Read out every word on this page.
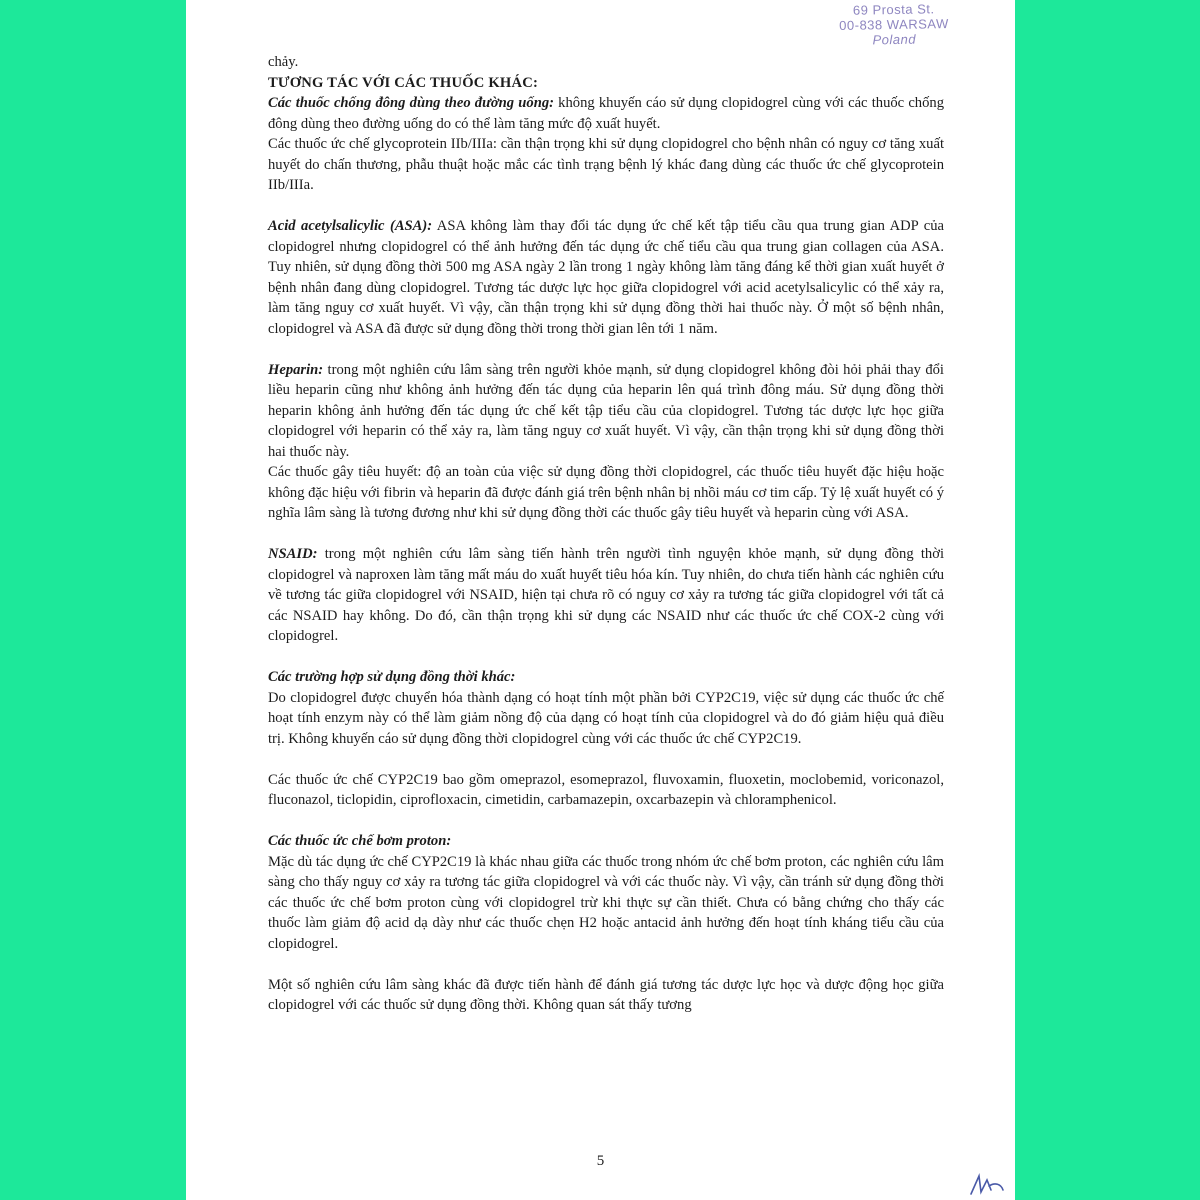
69 Prosta St.
00-838 WARSAW
Poland

chảy.

TƯƠNG TÁC VỚI CÁC THUỐC KHÁC:

Các thuốc chống đông dùng theo đường uống: không khuyến cáo sử dụng clopidogrel cùng với các thuốc chống đông dùng theo đường uống do có thể làm tăng mức độ xuất huyết.

Các thuốc ức chế glycoprotein IIb/IIIa: cần thận trọng khi sử dụng clopidogrel cho bệnh nhân có nguy cơ tăng xuất huyết do chấn thương, phẫu thuật hoặc mắc các tình trạng bệnh lý khác đang dùng các thuốc ức chế glycoprotein IIb/IIIa.

Acid acetylsalicylic (ASA): ASA không làm thay đổi tác dụng ức chế kết tập tiểu cầu qua trung gian ADP của clopidogrel nhưng clopidogrel có thể ảnh hưởng đến tác dụng ức chế tiểu cầu qua trung gian collagen của ASA. Tuy nhiên, sử dụng đồng thời 500 mg ASA ngày 2 lần trong 1 ngày không làm tăng đáng kể thời gian xuất huyết ở bệnh nhân đang dùng clopidogrel. Tương tác dược lực học giữa clopidogrel với acid acetylsalicylic có thể xảy ra, làm tăng nguy cơ xuất huyết. Vì vậy, cần thận trọng khi sử dụng đồng thời hai thuốc này. Ở một số bệnh nhân, clopidogrel và ASA đã được sử dụng đồng thời trong thời gian lên tới 1 năm.

Heparin: trong một nghiên cứu lâm sàng trên người khỏe mạnh, sử dụng clopidogrel không đòi hỏi phải thay đổi liều heparin cũng như không ảnh hưởng đến tác dụng của heparin lên quá trình đông máu. Sử dụng đồng thời heparin không ảnh hưởng đến tác dụng ức chế kết tập tiểu cầu của clopidogrel. Tương tác dược lực học giữa clopidogrel với heparin có thể xảy ra, làm tăng nguy cơ xuất huyết. Vì vậy, cần thận trọng khi sử dụng đồng thời hai thuốc này.

Các thuốc gây tiêu huyết: độ an toàn của việc sử dụng đồng thời clopidogrel, các thuốc tiêu huyết đặc hiệu hoặc không đặc hiệu với fibrin và heparin đã được đánh giá trên bệnh nhân bị nhồi máu cơ tim cấp. Tỷ lệ xuất huyết có ý nghĩa lâm sàng là tương đương như khi sử dụng đồng thời các thuốc gây tiêu huyết và heparin cùng với ASA.

NSAID: trong một nghiên cứu lâm sàng tiến hành trên người tình nguyện khỏe mạnh, sử dụng đồng thời clopidogrel và naproxen làm tăng mất máu do xuất huyết tiêu hóa kín. Tuy nhiên, do chưa tiến hành các nghiên cứu về tương tác giữa clopidogrel với NSAID, hiện tại chưa rõ có nguy cơ xảy ra tương tác giữa clopidogrel với tất cả các NSAID hay không. Do đó, cần thận trọng khi sử dụng các NSAID như các thuốc ức chế COX-2 cùng với clopidogrel.

Các trường hợp sử dụng đồng thời khác:

Do clopidogrel được chuyển hóa thành dạng có hoạt tính một phần bởi CYP2C19, việc sử dụng các thuốc ức chế hoạt tính enzym này có thể làm giảm nồng độ của dạng có hoạt tính của clopidogrel và do đó giảm hiệu quả điều trị. Không khuyến cáo sử dụng đồng thời clopidogrel cùng với các thuốc ức chế CYP2C19.

Các thuốc ức chế CYP2C19 bao gồm omeprazol, esomeprazol, fluvoxamin, fluoxetin, moclobemid, voriconazol, fluconazol, ticlopidin, ciprofloxacin, cimetidin, carbamazepin, oxcarbazepin và chloramphenicol.

Các thuốc ức chế bơm proton:

Mặc dù tác dụng ức chế CYP2C19 là khác nhau giữa các thuốc trong nhóm ức chế bơm proton, các nghiên cứu lâm sàng cho thấy nguy cơ xảy ra tương tác giữa clopidogrel và với các thuốc này. Vì vậy, cần tránh sử dụng đồng thời các thuốc ức chế bơm proton cùng với clopidogrel trừ khi thực sự cần thiết. Chưa có bằng chứng cho thấy các thuốc làm giảm độ acid dạ dày như các thuốc chẹn H2 hoặc antacid ảnh hưởng đến hoạt tính kháng tiểu cầu của clopidogrel.

Một số nghiên cứu lâm sàng khác đã được tiến hành để đánh giá tương tác dược lực học và dược động học giữa clopidogrel với các thuốc sử dụng đồng thời. Không quan sát thấy tương

5
